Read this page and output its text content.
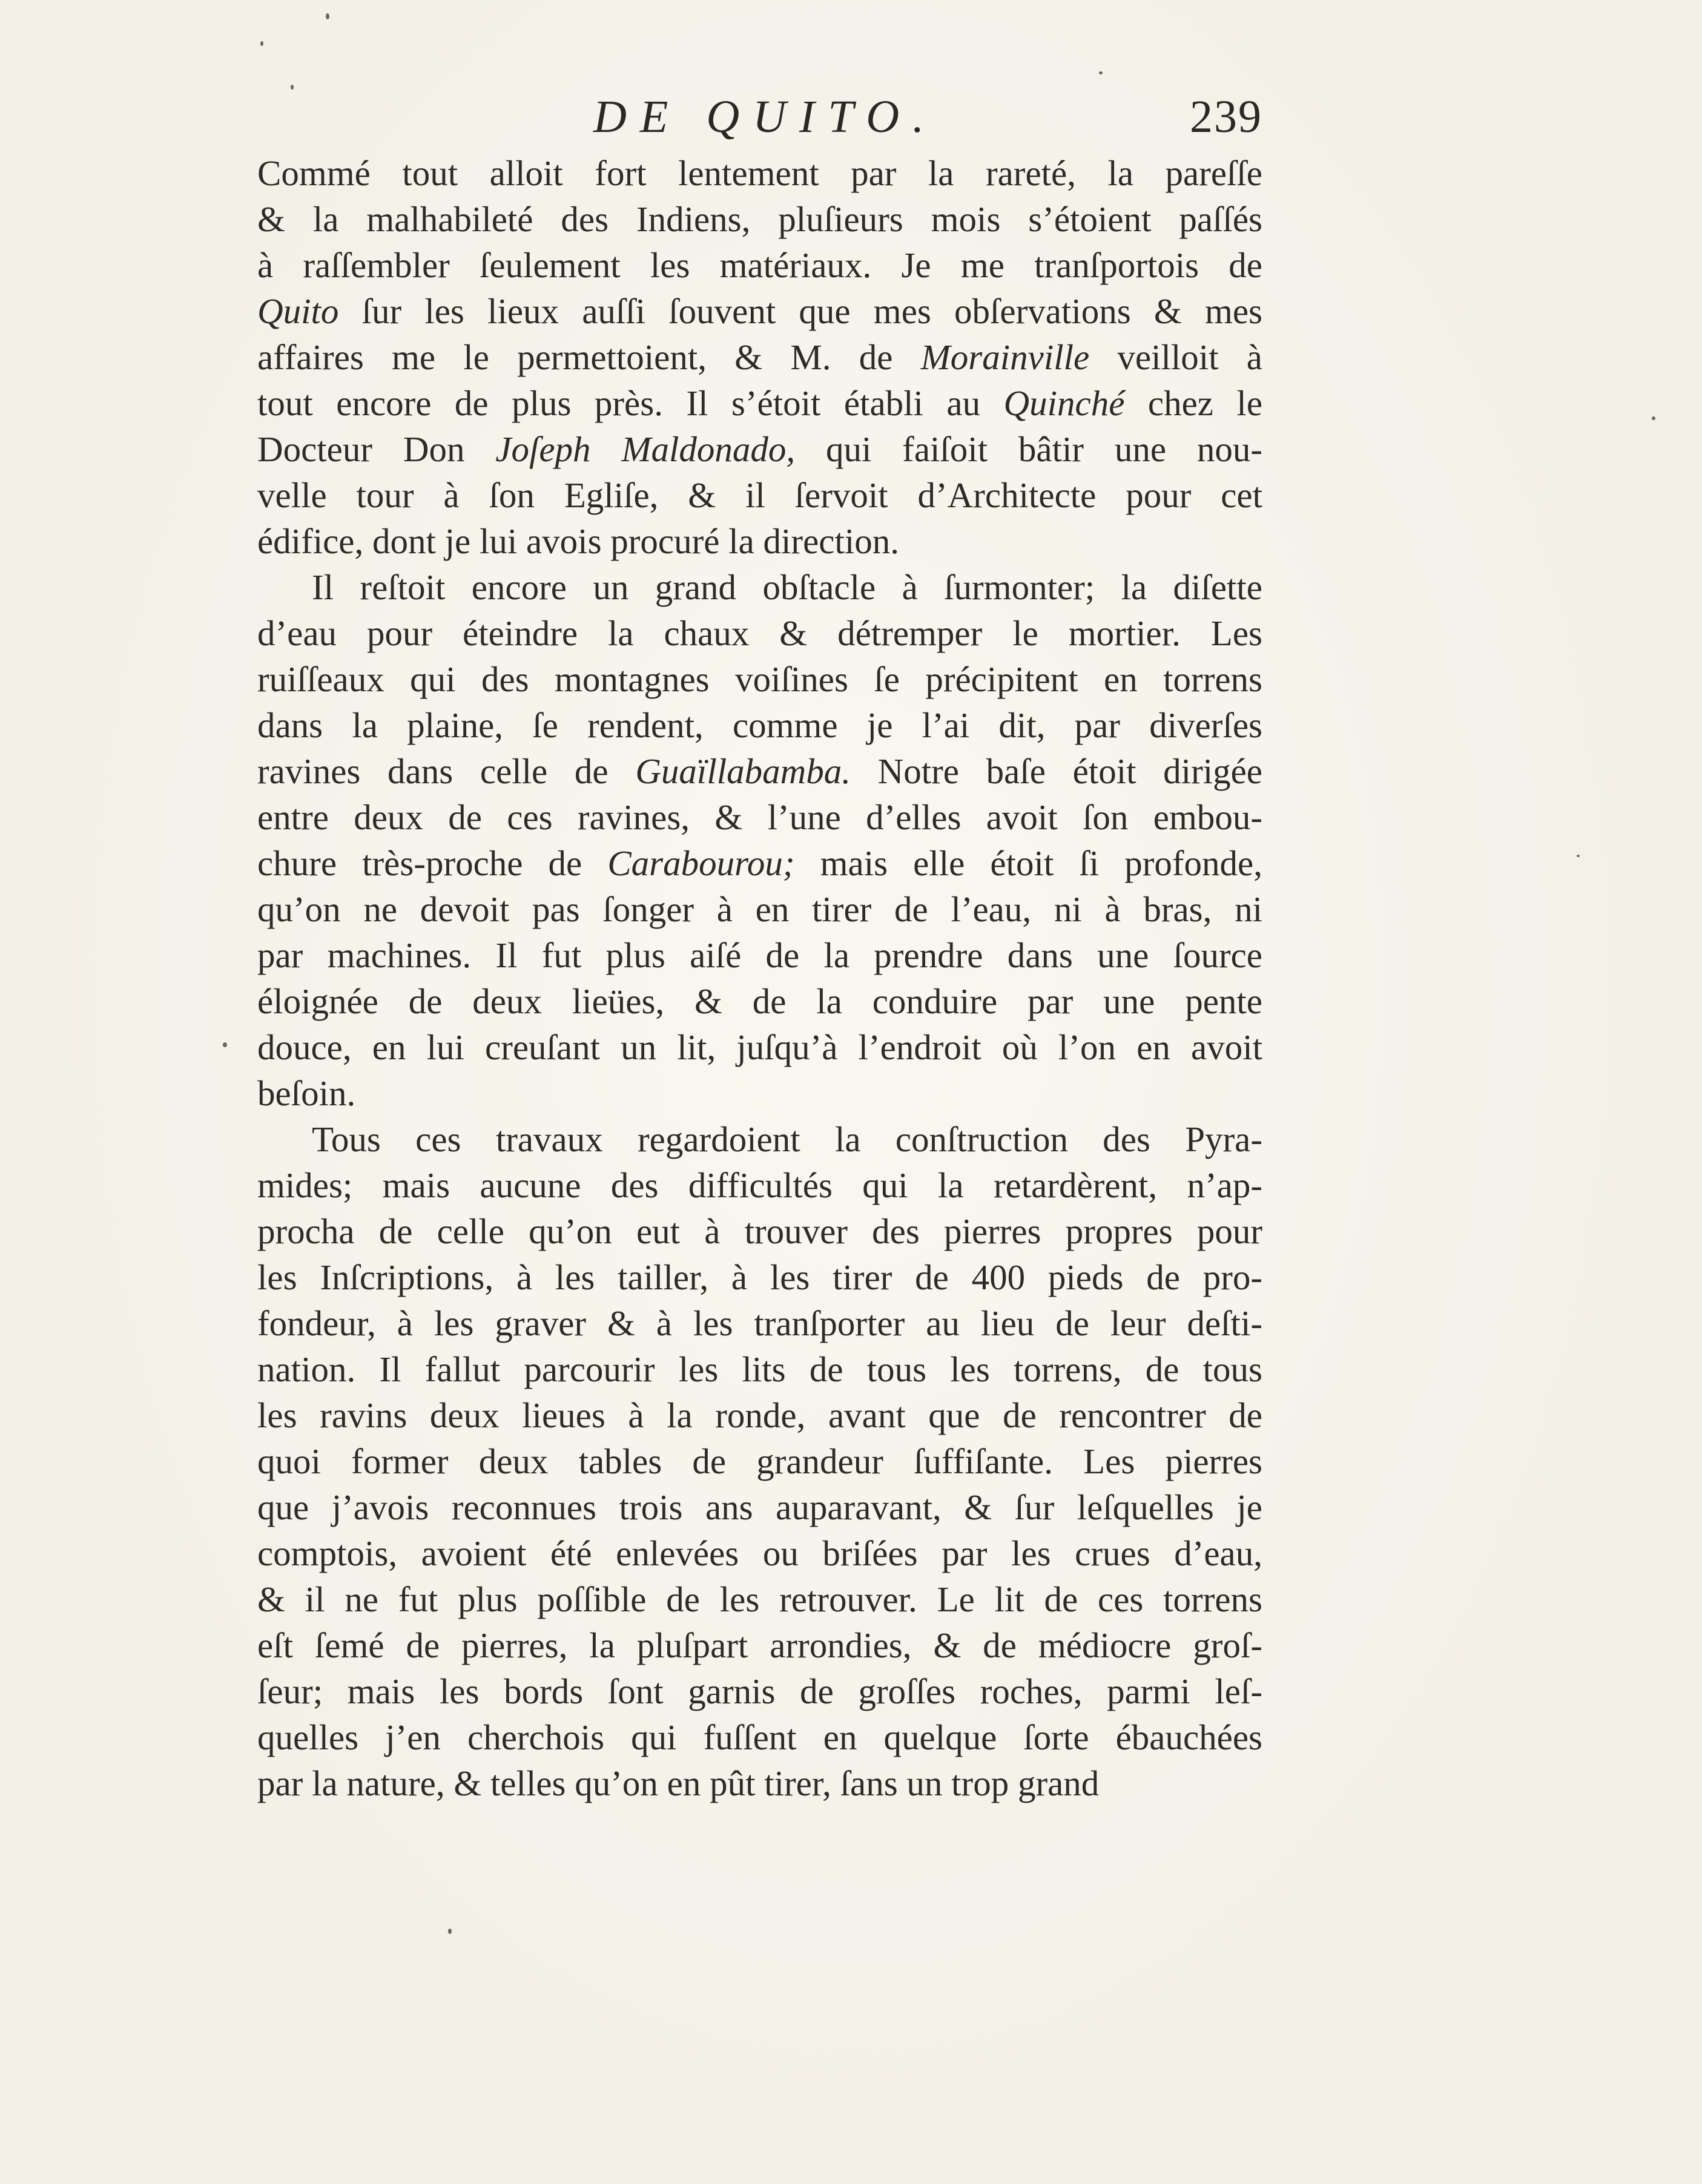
DE QUITO.	239
Commé tout alloit fort lentement par la rareté, la pareſſe
& la malhabileté des Indiens, pluſieurs mois s’étoient paſſés
à raſſembler ſeulement les matériaux. Je me tranſportois de
Quito ſur les lieux auſſi ſouvent que mes obſervations & mes
affaires me le permettoient, & M. de Morainville veilloit à
tout encore de plus près. Il s’étoit établi au Quinché chez le
Docteur Don Joſeph Maldonado, qui faiſoit bâtir une nou-
velle tour à ſon Egliſe, & il ſervoit d’Architecte pour cet
édifice, dont je lui avois procuré la direction.
Il reſtoit encore un grand obſtacle à ſurmonter; la diſette
d’eau pour éteindre la chaux & détremper le mortier. Les
ruiſſeaux qui des montagnes voiſines ſe précipitent en torrens
dans la plaine, ſe rendent, comme je l’ai dit, par diverſes
ravines dans celle de Guaïllabamba. Notre baſe étoit dirigée
entre deux de ces ravines, & l’une d’elles avoit ſon embou-
chure très-proche de Carabourou; mais elle étoit ſi profonde,
qu’on ne devoit pas ſonger à en tirer de l’eau, ni à bras, ni
par machines. Il fut plus aiſé de la prendre dans une ſource
éloignée de deux lieües, & de la conduire par une pente
douce, en lui creuſant un lit, juſqu’à l’endroit où l’on en avoit
beſoin.
Tous ces travaux regardoient la conſtruction des Pyra-
mides; mais aucune des difficultés qui la retardèrent, n’ap-
procha de celle qu’on eut à trouver des pierres propres pour
les Inſcriptions, à les tailler, à les tirer de 400 pieds de pro-
fondeur, à les graver & à les tranſporter au lieu de leur deſti-
nation. Il fallut parcourir les lits de tous les torrens, de tous
les ravins deux lieues à la ronde, avant que de rencontrer de
quoi former deux tables de grandeur ſuffiſante. Les pierres
que j’avois reconnues trois ans auparavant, & ſur leſquelles je
comptois, avoient été enlevées ou briſées par les crues d’eau,
& il ne fut plus poſſible de les retrouver. Le lit de ces torrens
eſt ſemé de pierres, la pluſpart arrondies, & de médiocre groſ-
ſeur; mais les bords ſont garnis de groſſes roches, parmi leſ-
quelles j’en cherchois qui fuſſent en quelque ſorte ébauchées
par la nature, & telles qu’on en pût tirer, ſans un trop grand
